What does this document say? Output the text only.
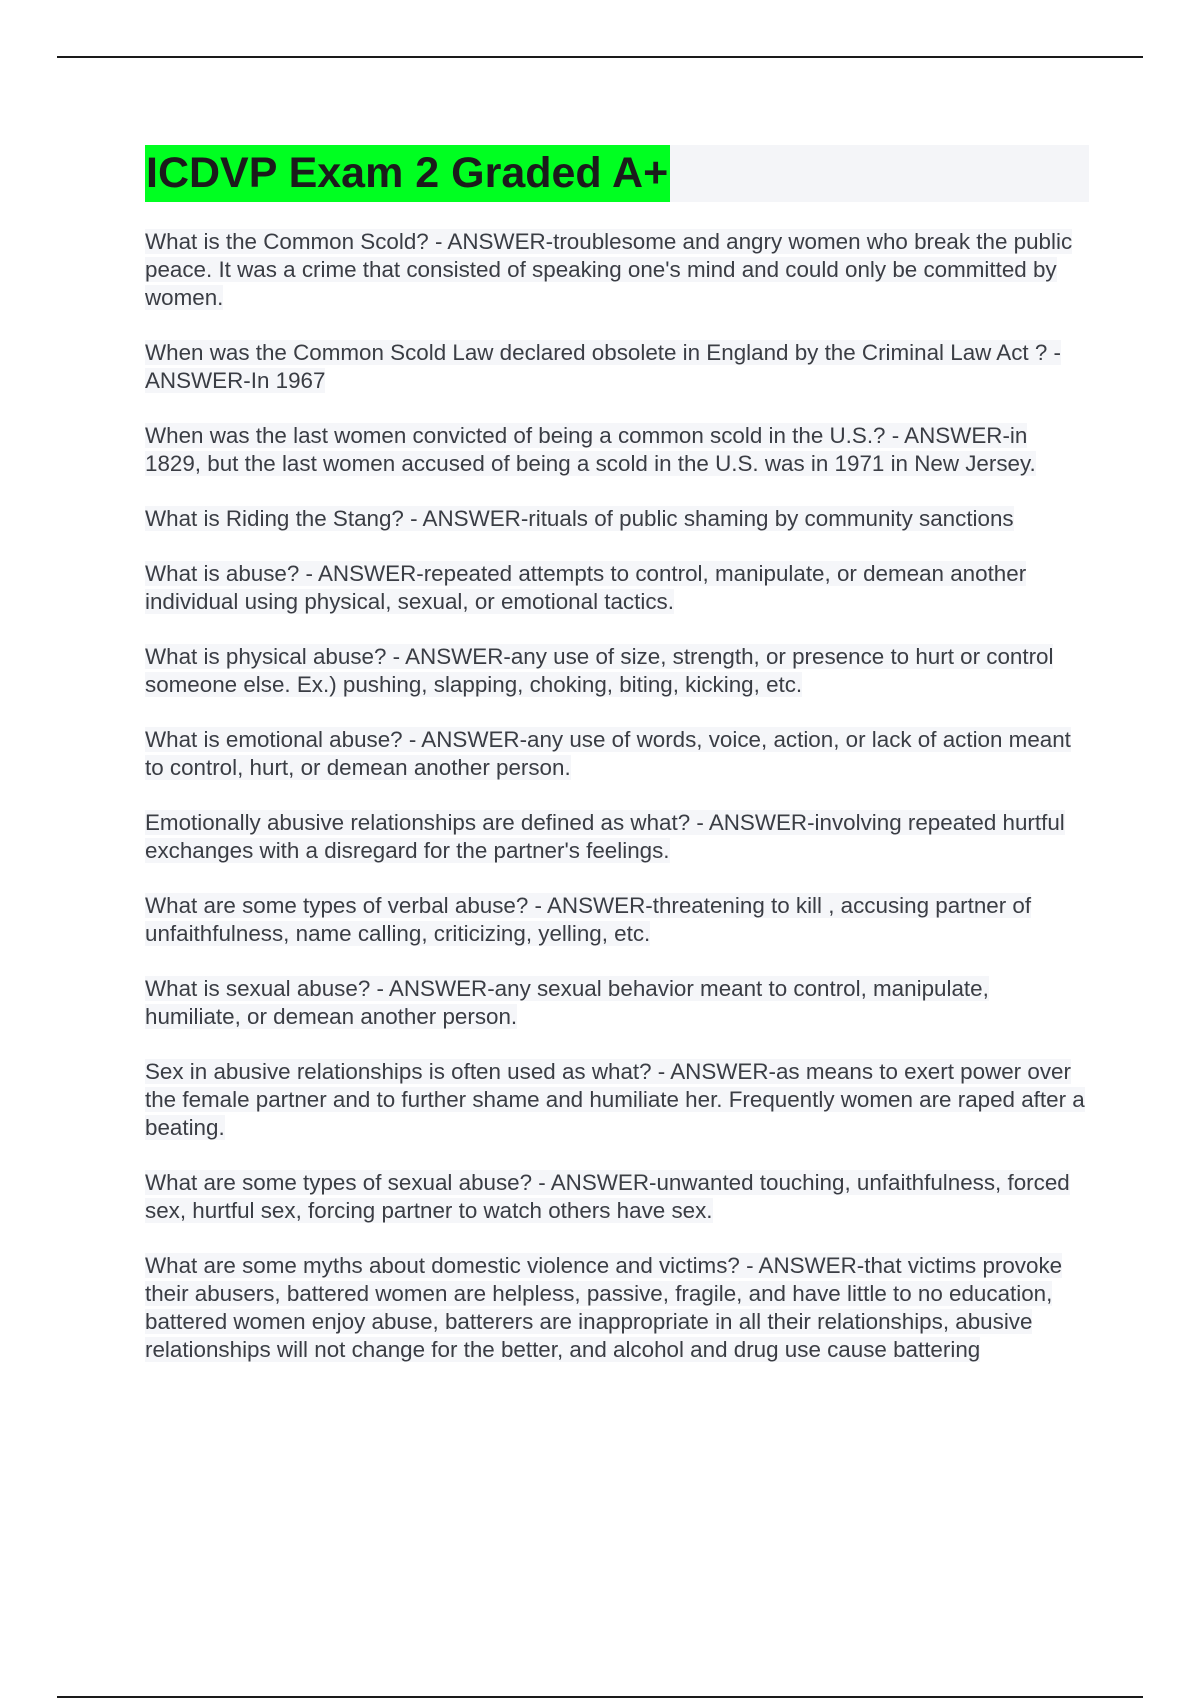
ICDVP Exam 2 Graded A+

What is the Common Scold? - ANSWER-troublesome and angry women who break the public peace. It was a crime that consisted of speaking one's mind and could only be committed by women.

When was the Common Scold Law declared obsolete in England by the Criminal Law Act ? - ANSWER-In 1967

When was the last women convicted of being a common scold in the U.S.? - ANSWER-in 1829, but the last women accused of being a scold in the U.S. was in 1971 in New Jersey.

What is Riding the Stang? - ANSWER-rituals of public shaming by community sanctions

What is abuse? - ANSWER-repeated attempts to control, manipulate, or demean another individual using physical, sexual, or emotional tactics.

What is physical abuse? - ANSWER-any use of size, strength, or presence to hurt or control someone else. Ex.) pushing, slapping, choking, biting, kicking, etc.

What is emotional abuse? - ANSWER-any use of words, voice, action, or lack of action meant to control, hurt, or demean another person.

Emotionally abusive relationships are defined as what? - ANSWER-involving repeated hurtful exchanges with a disregard for the partner's feelings.

What are some types of verbal abuse? - ANSWER-threatening to kill , accusing partner of unfaithfulness, name calling, criticizing, yelling, etc.

What is sexual abuse? - ANSWER-any sexual behavior meant to control, manipulate, humiliate, or demean another person.

Sex in abusive relationships is often used as what? - ANSWER-as means to exert power over the female partner and to further shame and humiliate her. Frequently women are raped after a beating.

What are some types of sexual abuse? - ANSWER-unwanted touching, unfaithfulness, forced sex, hurtful sex, forcing partner to watch others have sex.

What are some myths about domestic violence and victims? - ANSWER-that victims provoke their abusers, battered women are helpless, passive, fragile, and have little to no education, battered women enjoy abuse, batterers are inappropriate in all their relationships, abusive relationships will not change for the better, and alcohol and drug use cause battering
